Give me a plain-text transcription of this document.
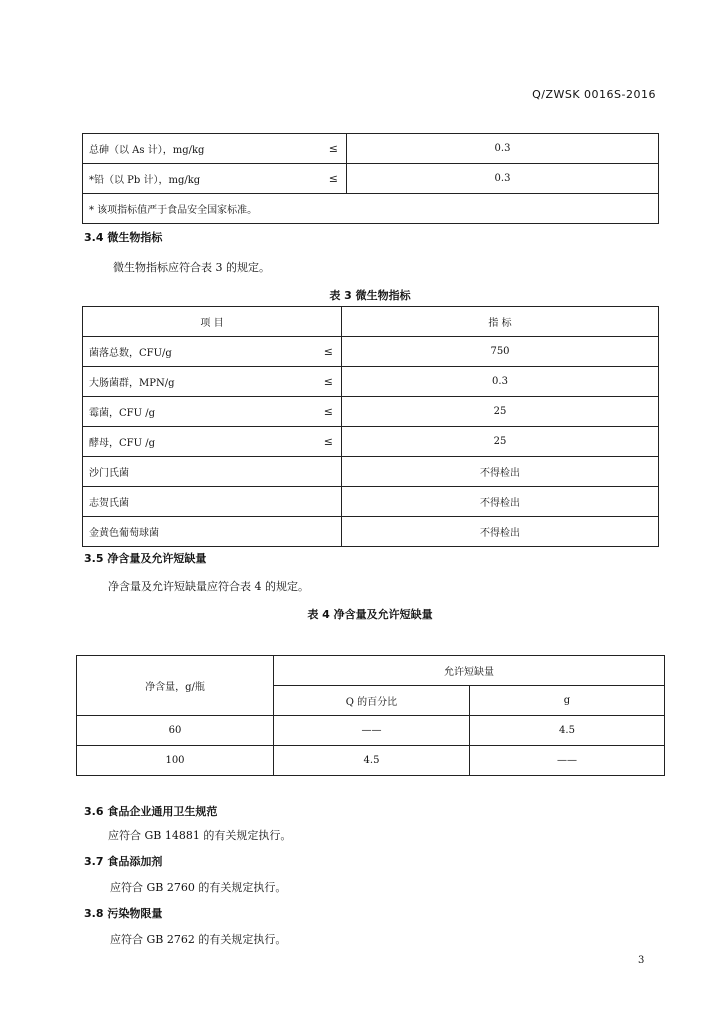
Q/ZWSK 0016S-2016
总砷（以 As 计），mg/kg ≤	0.3

*铅（以 Pb 计），mg/kg ≤	0.3
* 该项指标值严于食品安全国家标准。	
3.4 微生物指标
微生物指标应符合表 3 的规定。
表 3 微生物指标
项 目	指 标

菌落总数，CFU/g ≤	750

大肠菌群，MPN/g ≤	0.3

霉菌，CFU /g ≤	25

酵母，CFU /g ≤	25
沙门氏菌	不得检出
志贺氏菌	不得检出
金黄色葡萄球菌	不得检出
3.5 净含量及允许短缺量
净含量及允许短缺量应符合表 4 的规定。
表 4 净含量及允许短缺量
净含量，g/瓶	允许短缺量	
	Q 的百分比	g
60	——	4.5
100	4.5	——
3.6 食品企业通用卫生规范
应符合 GB 14881 的有关规定执行。
3.7 食品添加剂
应符合 GB 2760 的有关规定执行。
3.8 污染物限量
应符合 GB 2762 的有关规定执行。
3
